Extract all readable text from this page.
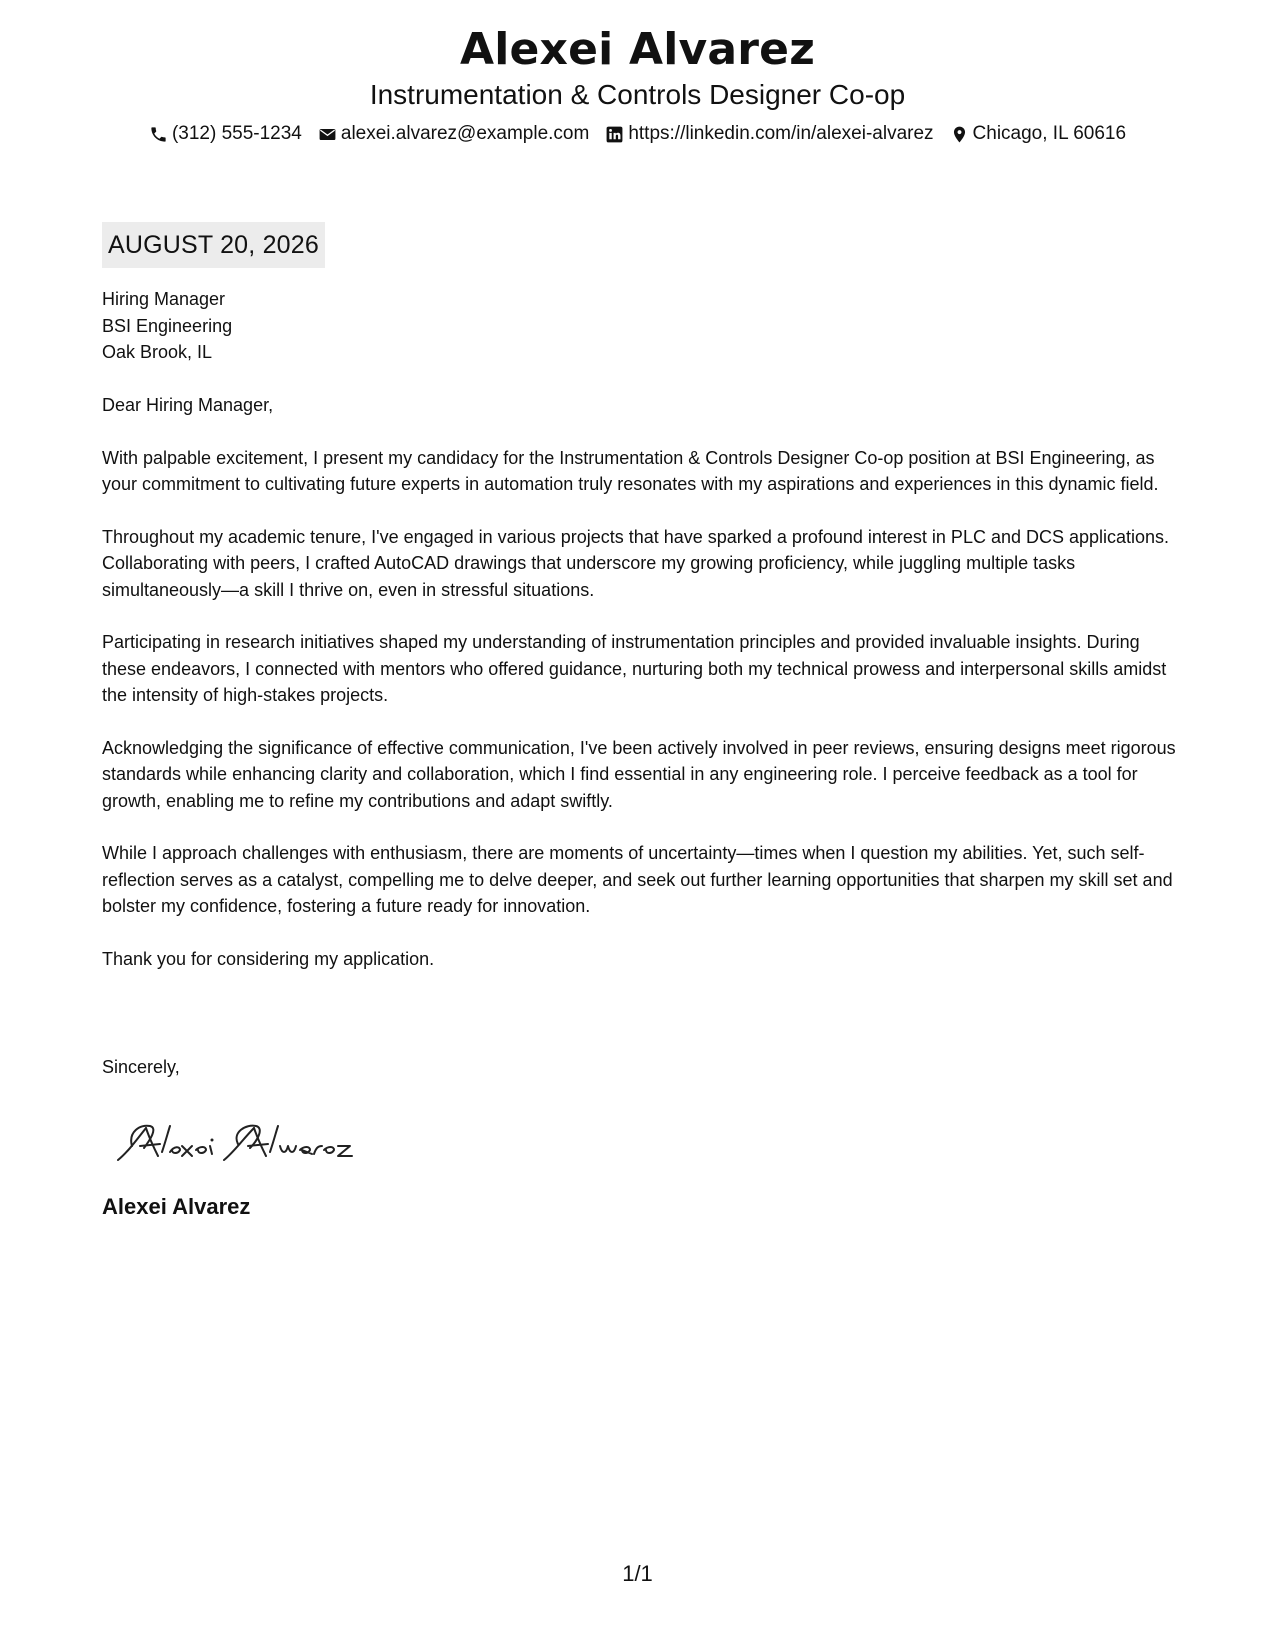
Alexei Alvarez
Instrumentation & Controls Designer Co-op
(312) 555-1234 alexei.alvarez@example.com https://linkedin.com/in/alexei-alvarez Chicago, IL 60616
AUGUST 20, 2026
Hiring Manager
BSI Engineering
Oak Brook, IL
Dear Hiring Manager,

With palpable excitement, I present my candidacy for the Instrumentation & Controls Designer Co-op position at BSI Engineering, as your commitment to cultivating future experts in automation truly resonates with my aspirations and experiences in this dynamic field.

Throughout my academic tenure, I've engaged in various projects that have sparked a profound interest in PLC and DCS applications. Collaborating with peers, I crafted AutoCAD drawings that underscore my growing proficiency, while juggling multiple tasks simultaneously—a skill I thrive on, even in stressful situations.

Participating in research initiatives shaped my understanding of instrumentation principles and provided invaluable insights. During these endeavors, I connected with mentors who offered guidance, nurturing both my technical prowess and interpersonal skills amidst the intensity of high-stakes projects.

Acknowledging the significance of effective communication, I've been actively involved in peer reviews, ensuring designs meet rigorous standards while enhancing clarity and collaboration, which I find essential in any engineering role. I perceive feedback as a tool for growth, enabling me to refine my contributions and adapt swiftly.

While I approach challenges with enthusiasm, there are moments of uncertainty—times when I question my abilities. Yet, such self-reflection serves as a catalyst, compelling me to delve deeper, and seek out further learning opportunities that sharpen my skill set and bolster my confidence, fostering a future ready for innovation.

Thank you for considering my application.

Sincerely,
Alexei Alvarez
1/1
